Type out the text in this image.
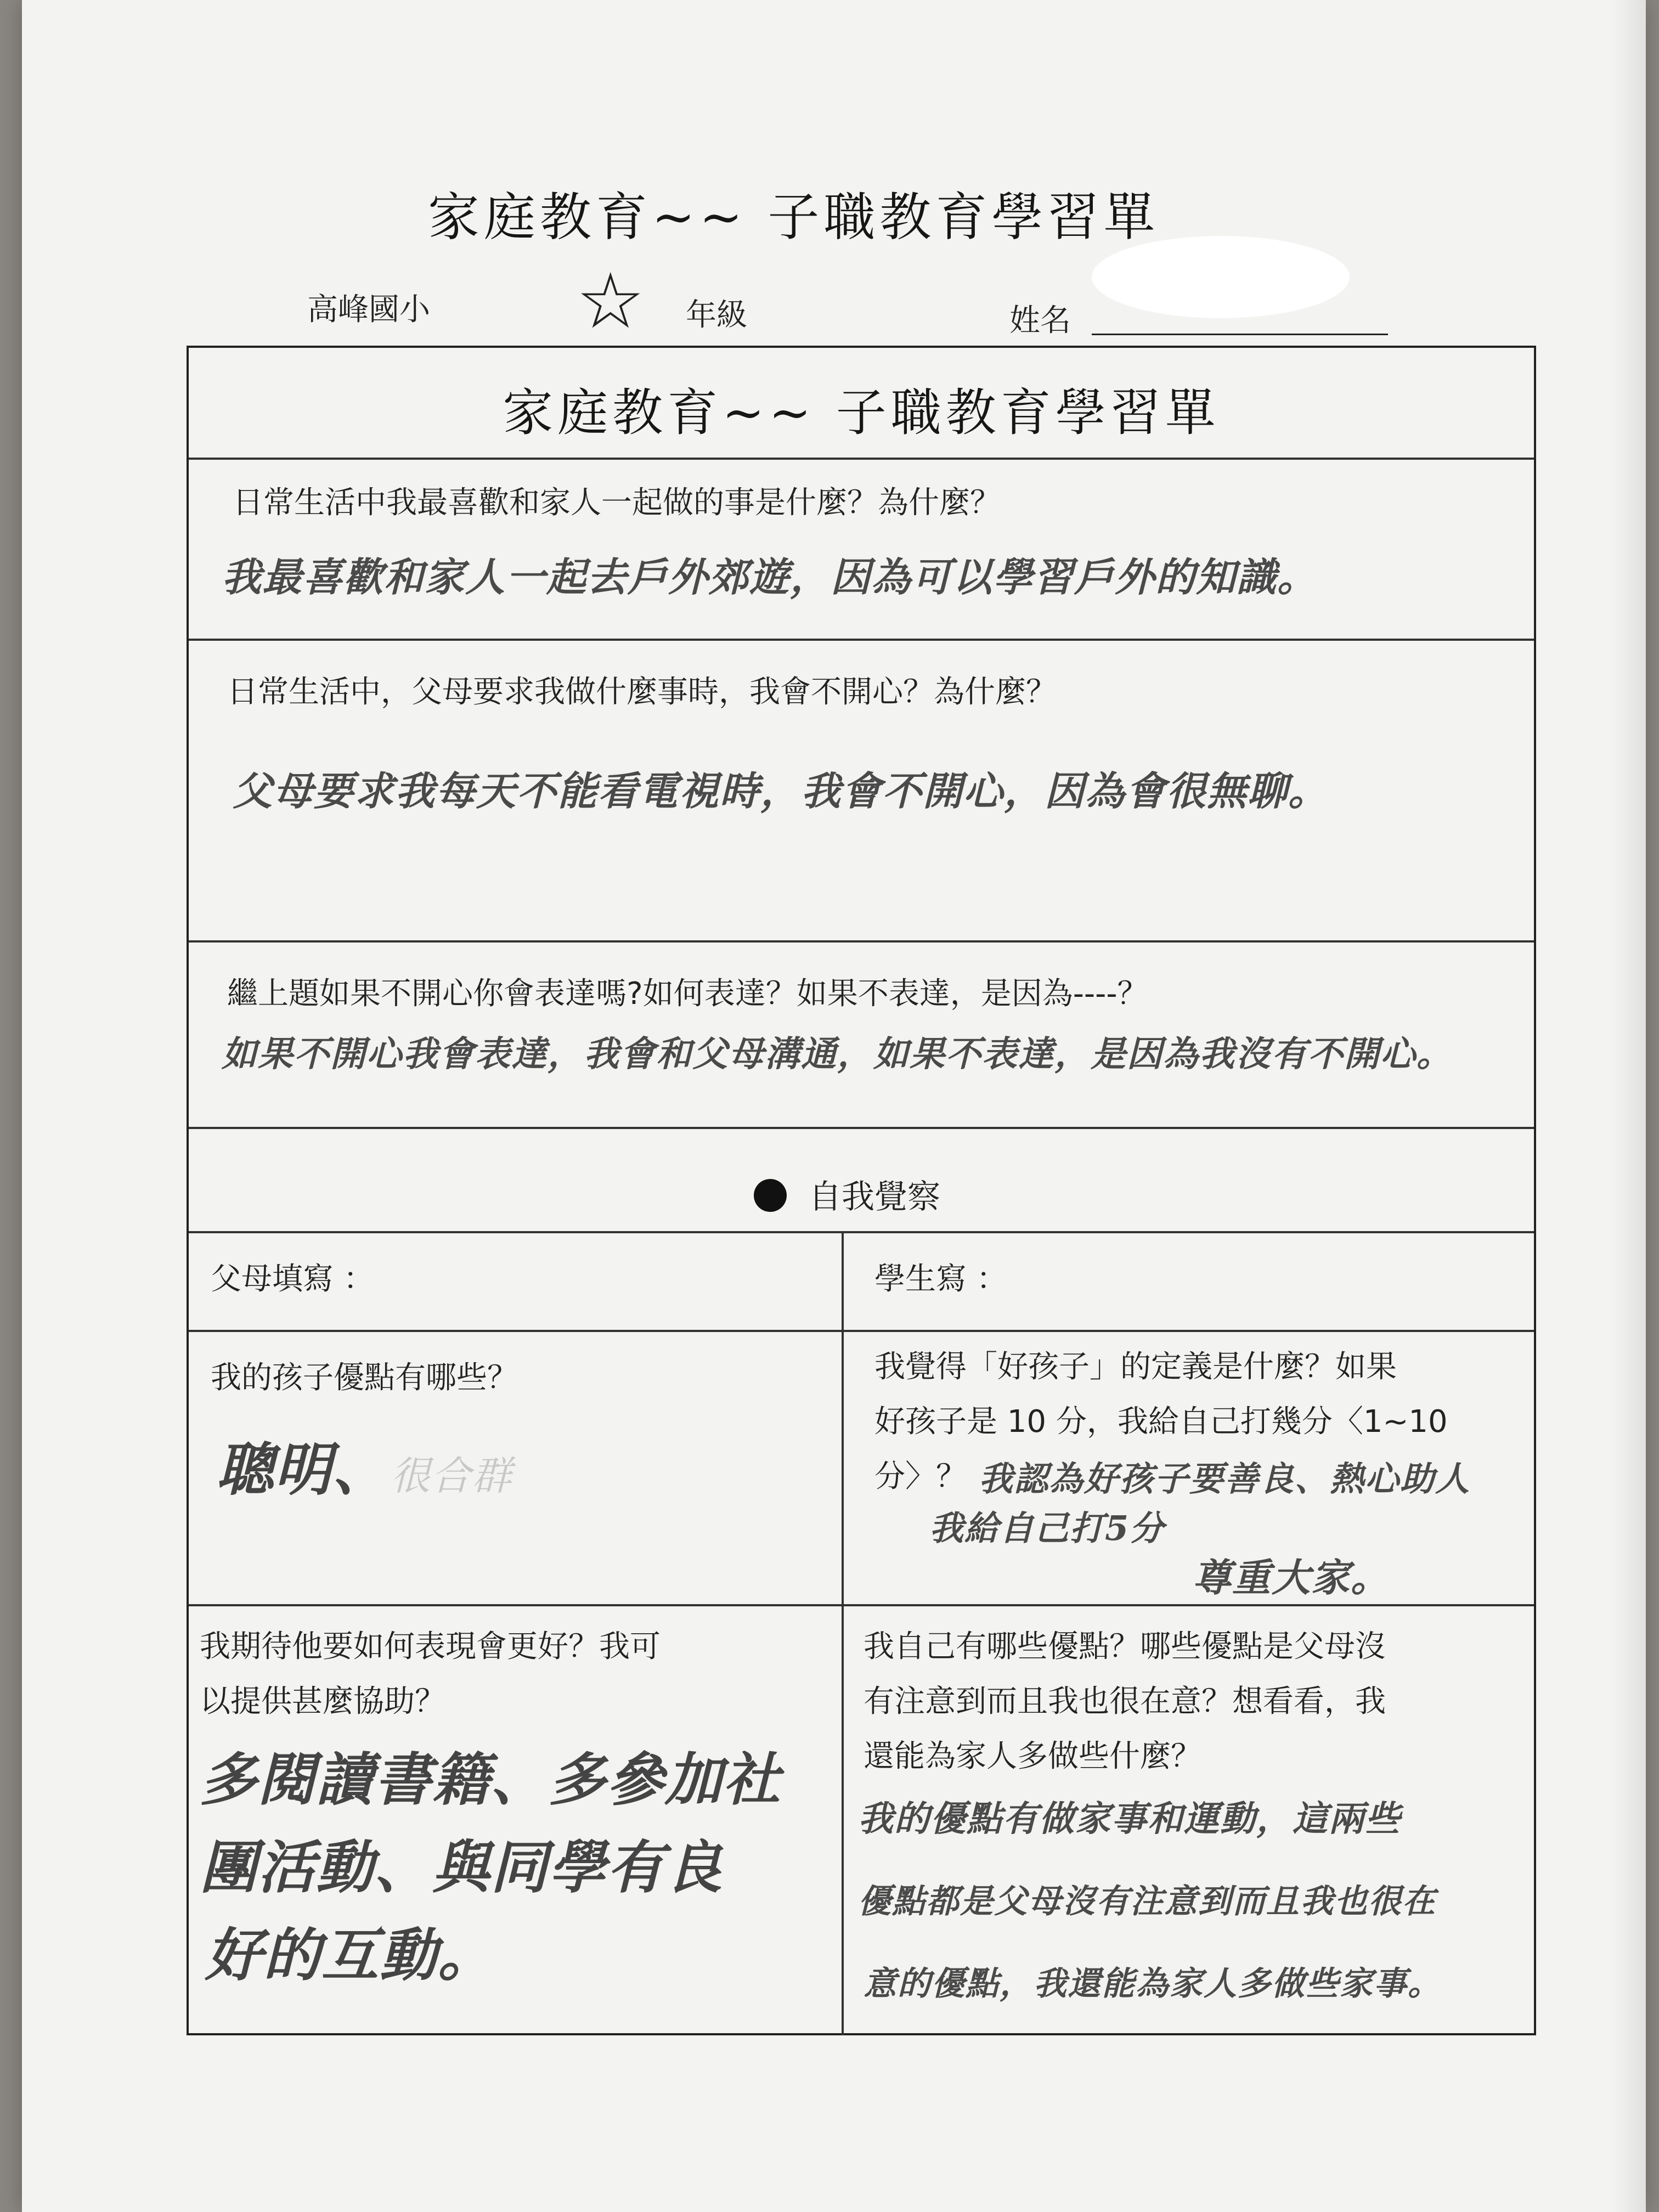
家庭教育~~ 子職教育學習單
高峰國小 ☆ 年級	姓名
家庭教育~~ 子職教育學習單
日常生活中我最喜歡和家人一起做的事是什麼？為什麼？
我最喜歡和家人一起去戶外郊遊，因為可以學習戶外的知識。
日常生活中，父母要求我做什麼事時，我會不開心？為什麼？
父母要求我每天不能看電視時，我會不開心，因為會很無聊。
繼上題如果不開心你會表達嗎?如何表達？如果不表達，是因為----？
如果不開心我會表達，我會和父母溝通，如果不表達，是因為我沒有不開心。
自我覺察
父母填寫 ：	學生寫 ：
我的孩子優點有哪些？
聰明、很合群
我覺得「好孩子」的定義是什麼？如果
好孩子是 10 分，我給自己打幾分〈1~10
分〉？ 我認為好孩子要善良、熱心助人
我給自己打5分
尊重大家。
我期待他要如何表現會更好？我可
以提供甚麼協助？
多閱讀書籍、多參加社
團活動、與同學有良
好的互動。
我自己有哪些優點？哪些優點是父母沒
有注意到而且我也很在意？想看看，我
還能為家人多做些什麼？
我的優點有做家事和運動，這兩些
優點都是父母沒有注意到而且我也很在
意的優點，我還能為家人多做些家事。
